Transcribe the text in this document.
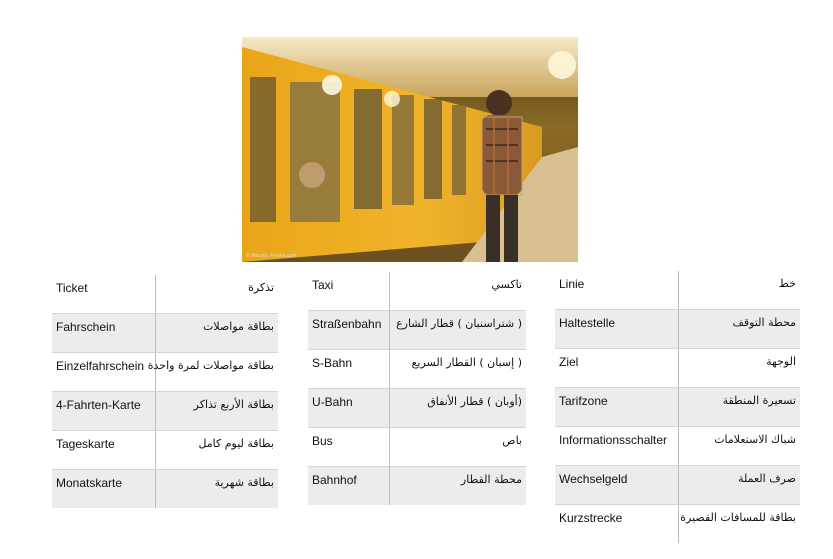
© Marcito, Fotolia.com
Ticket	تذكرة
Fahrschein	بطاقة مواصلات
Einzelfahrschein بطاقة مواصلات لمرة واحدة
4-Fahrten-Karte	بطاقة الأربع تذاكر
Tageskarte	بطاقة ليوم كامل
Monatskarte	بطاقة شهرية
Taxi	تاكسي
Straßenbahn	( شتراسنبان ) قطار الشارع
S-Bahn	( إسبان ) القطار السريع
U-Bahn	(أوبان ) قطار الأنفاق
Bus	باص
Bahnhof	محطة القطار
Linie	خط
Haltestelle	محطة التوقف
Ziel	الوجهة
Tarifzone	تسعيرة المنطقة
Informationsschalter	شباك الاستعلامات
Wechselgeld	صرف العملة
Kurzstrecke	بطاقة للمسافات القصيرة
